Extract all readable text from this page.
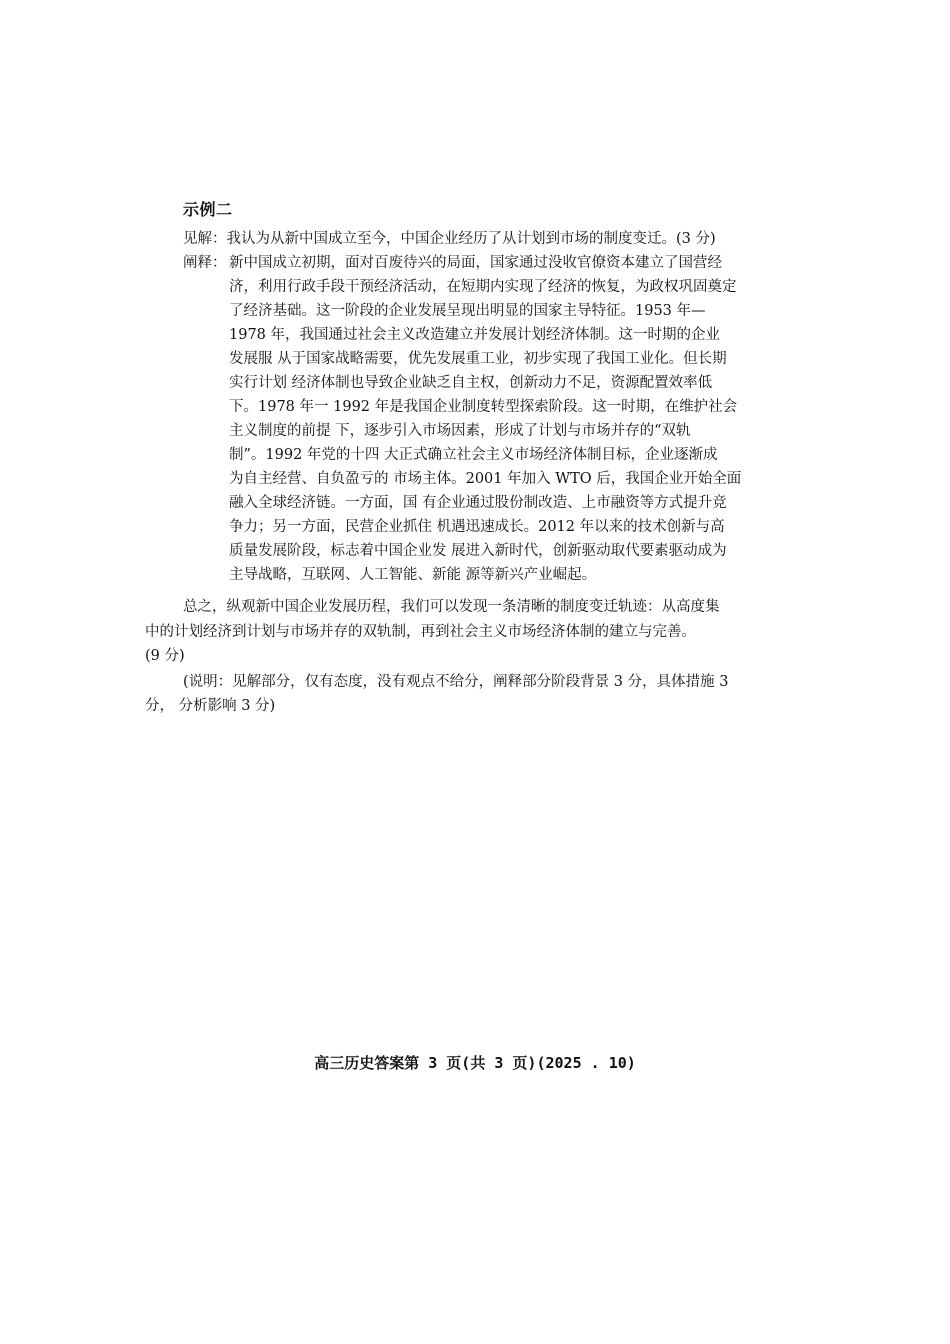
示例二
见解：我认为从新中国成立至今，中国企业经历了从计划到市场的制度变迁。(3 分)
阐释： 新中国成立初期，面对百废待兴的局面，国家通过没收官僚资本建立了国营经
济，利用行政手段干预经济活动，在短期内实现了经济的恢复，为政权巩固奠定
了经济基础。这一阶段的企业发展呈现出明显的国家主导特征。1953 年—
1978 年，我国通过社会主义改造建立并发展计划经济体制。这一时期的企业
发展服 从于国家战略需要，优先发展重工业，初步实现了我国工业化。但长期
实行计划 经济体制也导致企业缺乏自主权，创新动力不足，资源配置效率低
下。1978 年一 1992 年是我国企业制度转型探索阶段。这一时期，在维护社会
主义制度的前提 下，逐步引入市场因素，形成了计划与市场并存的“双轨
制”。1992 年党的十四 大正式确立社会主义市场经济体制目标，企业逐渐成
为自主经营、自负盈亏的 市场主体。2001 年加入 WTO 后，我国企业开始全面
融入全球经济链。一方面，国 有企业通过股份制改造、上市融资等方式提升竞
争力；另一方面，民营企业抓住 机遇迅速成长。2012 年以来的技术创新与高
质量发展阶段，标志着中国企业发 展进入新时代，创新驱动取代要素驱动成为
主导战略，互联网、人工智能、新能 源等新兴产业崛起。
总之，纵观新中国企业发展历程，我们可以发现一条清晰的制度变迁轨迹：从高度集
中的计划经济到计划与市场并存的双轨制，再到社会主义市场经济体制的建立与完善。
(9 分)
(说明：见解部分，仅有态度，没有观点不给分，阐释部分阶段背景 3 分，具体措施 3
分， 分析影响 3 分)
高三历史答案第 3 页(共 3 页)(2025 . 10)
